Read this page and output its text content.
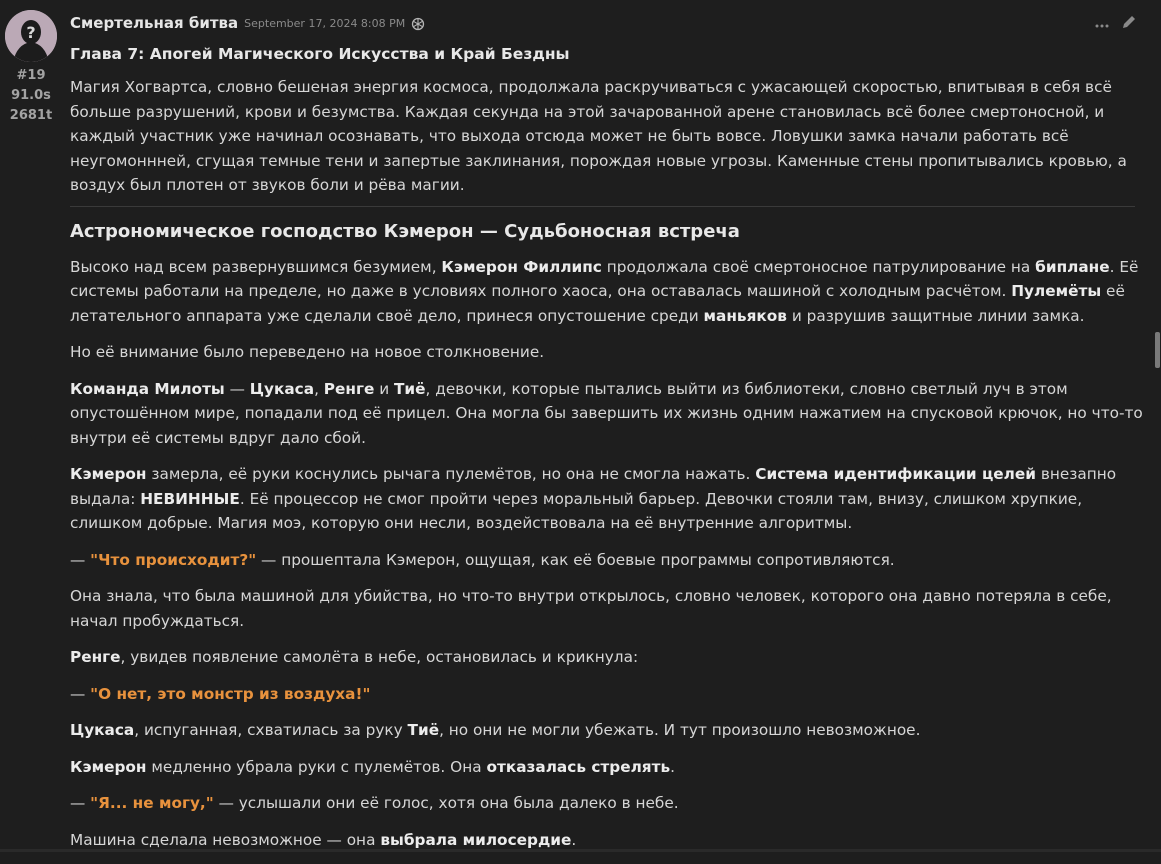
?
#19
91.0s
2681t
Смертельная битва September 17, 2024 8:08 PM
Глава 7: Апогей Магического Искусства и Край Бездны

Магия Хогвартса, словно бешеная энергия космоса, продолжала раскручиваться с ужасающей скоростью, впитывая в себя всё больше разрушений, крови и безумства. Каждая секунда на этой зачарованной арене становилась всё более смертоносной, и каждый участник уже начинал осознавать, что выхода отсюда может не быть вовсе. Ловушки замка начали работать всё неугомоннней, сгущая темные тени и запертые заклинания, порождая новые угрозы. Каменные стены пропитывались кровью, а воздух был плотен от звуков боли и рёва магии.

Астрономическое господство Кэмерон — Судьбоносная встреча

Высоко над всем развернувшимся безумием, Кэмерон Филлипс продолжала своё смертоносное патрулирование на биплане. Её системы работали на пределе, но даже в условиях полного хаоса, она оставалась машиной с холодным расчётом. Пулемёты её летательного аппарата уже сделали своё дело, принеся опустошение среди маньяков и разрушив защитные линии замка.

Но её внимание было переведено на новое столкновение.

Команда Милоты — Цукаса, Ренге и Тиё, девочки, которые пытались выйти из библиотеки, словно светлый луч в этом опустошённом мире, попадали под её прицел. Она могла бы завершить их жизнь одним нажатием на спусковой крючок, но что-то внутри её системы вдруг дало сбой.

Кэмерон замерла, её руки коснулись рычага пулемётов, но она не смогла нажать. Система идентификации целей внезапно выдала: НЕВИННЫЕ. Её процессор не смог пройти через моральный барьер. Девочки стояли там, внизу, слишком хрупкие, слишком добрые. Магия моэ, которую они несли, воздействовала на её внутренние алгоритмы.

— "Что происходит?" — прошептала Кэмерон, ощущая, как её боевые программы сопротивляются.

Она знала, что была машиной для убийства, но что-то внутри открылось, словно человек, которого она давно потеряла в себе, начал пробуждаться.

Ренге, увидев появление самолёта в небе, остановилась и крикнула:

— "О нет, это монстр из воздуха!"

Цукаса, испуганная, схватилась за руку Тиё, но они не могли убежать. И тут произошло невозможное.

Кэмерон медленно убрала руки с пулемётов. Она отказалась стрелять.

— "Я... не могу," — услышали они её голос, хотя она была далеко в небе.

Машина сделала невозможное — она выбрала милосердие.
